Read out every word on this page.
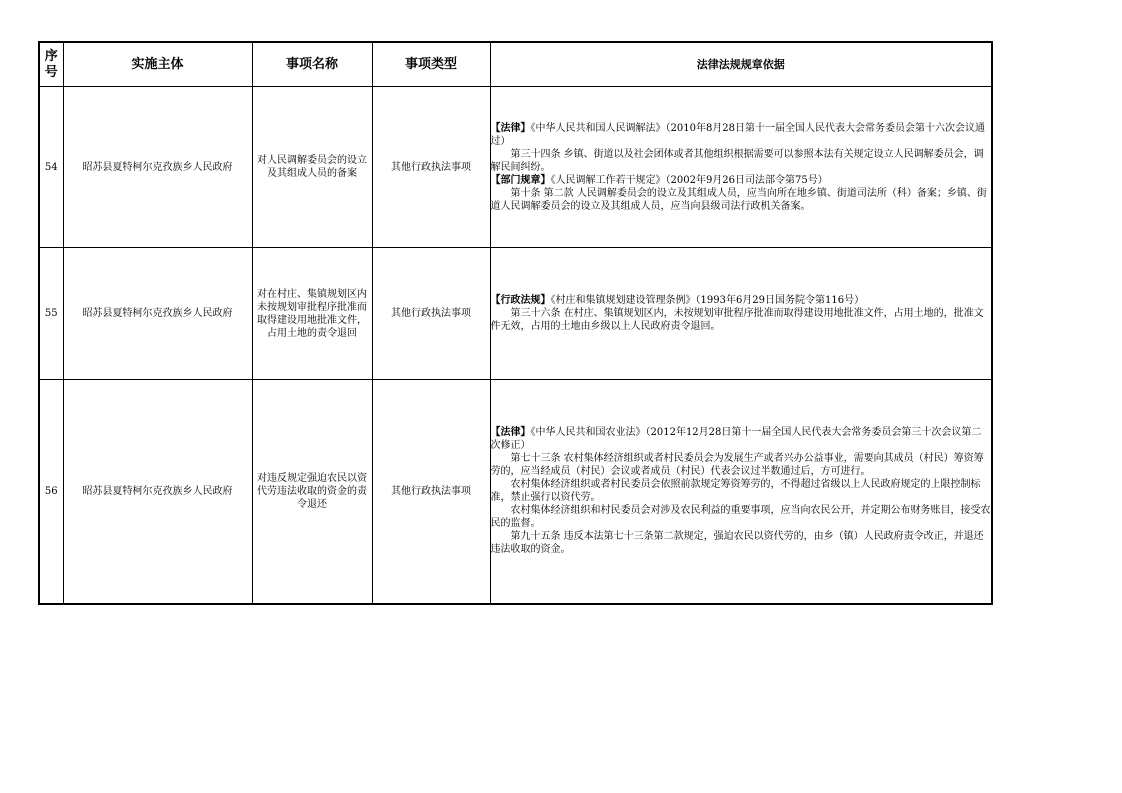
序号	实施主体	事项名称	事项类型	法律法规规章依据
54	昭苏县夏特柯尔克孜族乡人民政府	对人民调解委员会的设立及其组成人员的备案	其他行政执法事项	【法律】《中华人民共和国人民调解法》（2010年8月28日第十一届全国人民代表大会常务委员会第十六次会议通过）

第三十四条 乡镇、街道以及社会团体或者其他组织根据需要可以参照本法有关规定设立人民调解委员会，调解民间纠纷。

【部门规章】《人民调解工作若干规定》（2002年9月26日司法部令第75号）

第十条 第二款 人民调解委员会的设立及其组成人员，应当向所在地乡镇、街道司法所（科）备案；乡镇、街道人民调解委员会的设立及其组成人员，应当向县级司法行政机关备案。

55	昭苏县夏特柯尔克孜族乡人民政府	对在村庄、集镇规划区内未按规划审批程序批准而取得建设用地批准文件，占用土地的责令退回	其他行政执法事项	【行政法规】《村庄和集镇规划建设管理条例》（1993年6月29日国务院令第116号）

第三十六条 在村庄、集镇规划区内，未按规划审批程序批准而取得建设用地批准文件，占用土地的，批准文件无效，占用的土地由乡级以上人民政府责令退回。

56	昭苏县夏特柯尔克孜族乡人民政府	对违反规定强迫农民以资代劳违法收取的资金的责令退还	其他行政执法事项	【法律】《中华人民共和国农业法》（2012年12月28日第十一届全国人民代表大会常务委员会第三十次会议第二次修正）

第七十三条 农村集体经济组织或者村民委员会为发展生产或者兴办公益事业，需要向其成员（村民）筹资筹劳的，应当经成员（村民）会议或者成员（村民）代表会议过半数通过后，方可进行。

农村集体经济组织或者村民委员会依照前款规定筹资筹劳的，不得超过省级以上人民政府规定的上限控制标准，禁止强行以资代劳。

农村集体经济组织和村民委员会对涉及农民利益的重要事项，应当向农民公开，并定期公布财务账目，接受农民的监督。

第九十五条 违反本法第七十三条第二款规定，强迫农民以资代劳的，由乡（镇）人民政府责令改正，并退还违法收取的资金。
